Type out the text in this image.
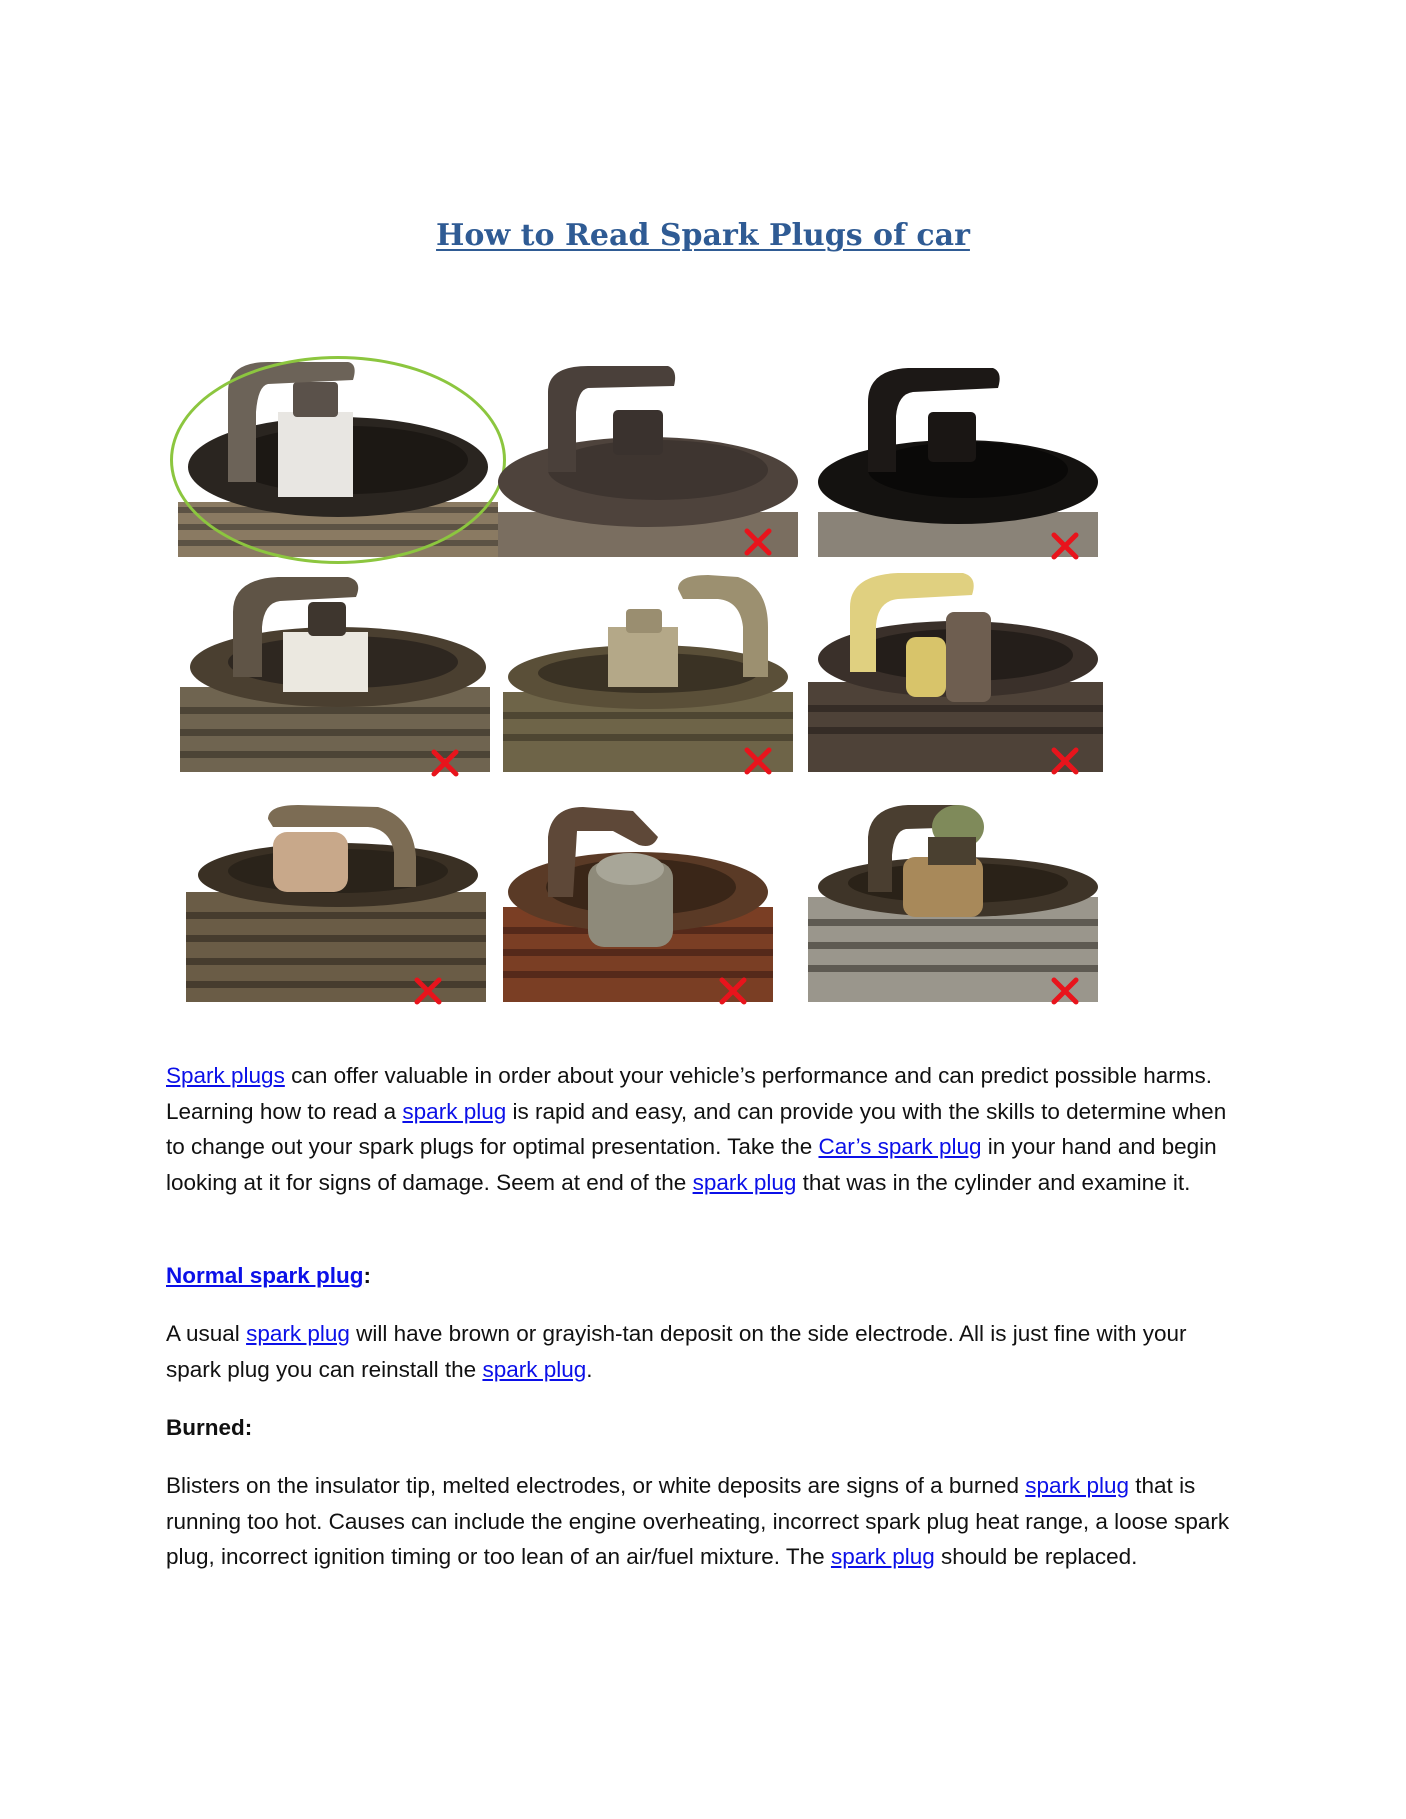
How to Read Spark Plugs of car

Spark plugs can offer valuable in order about your vehicle’s performance and can predict possible harms. Learning how to read a spark plug is rapid and easy, and can provide you with the skills to determine when to change out your spark plugs for optimal presentation. Take the Car’s spark plug in your hand and begin looking at it for signs of damage. Seem at end of the spark plug that was in the cylinder and examine it.

Normal spark plug:

A usual spark plug will have brown or grayish-tan deposit on the side electrode. All is just fine with your spark plug you can reinstall the spark plug.

Burned:

Blisters on the insulator tip, melted electrodes, or white deposits are signs of a burned spark plug that is running too hot. Causes can include the engine overheating, incorrect spark plug heat range, a loose spark plug, incorrect ignition timing or too lean of an air/fuel mixture. The spark plug should be replaced.
